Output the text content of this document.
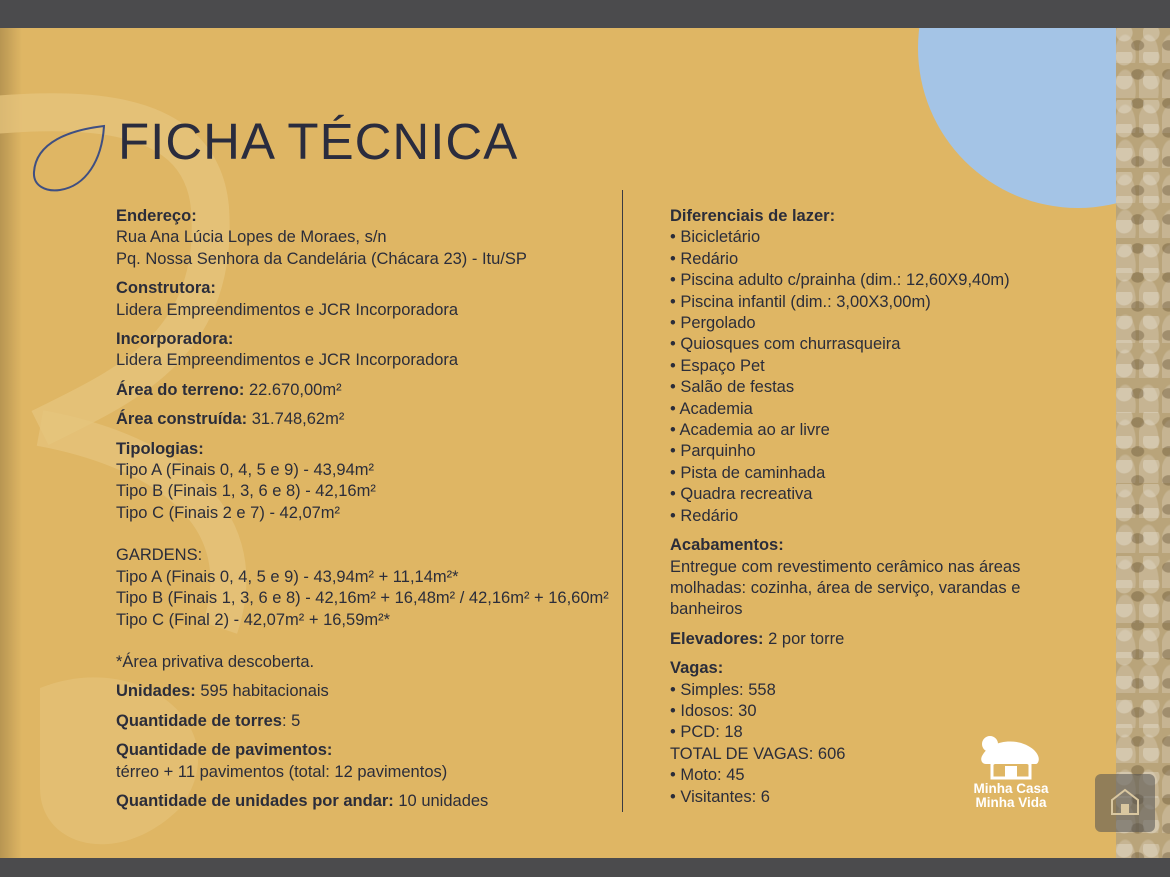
FICHA TÉCNICA
Endereço:
Rua Ana Lúcia Lopes de Moraes, s/n
Pq. Nossa Senhora da Candelária (Chácara 23) - Itu/SP
Construtora:
Lidera Empreendimentos e JCR Incorporadora
Incorporadora:
Lidera Empreendimentos e JCR Incorporadora
Área do terreno: 22.670,00m²
Área construída: 31.748,62m²
Tipologias:
Tipo A (Finais 0, 4, 5 e 9) - 43,94m²
Tipo B (Finais 1, 3, 6 e 8) - 42,16m²
Tipo C (Finais 2 e 7) - 42,07m²
GARDENS:
Tipo A (Finais 0, 4, 5 e 9) - 43,94m² + 11,14m²*
Tipo B (Finais 1, 3, 6 e 8) - 42,16m² + 16,48m² / 42,16m² + 16,60m²
Tipo C (Final 2) - 42,07m² + 16,59m²*
*Área privativa descoberta.
Unidades: 595 habitacionais
Quantidade de torres: 5
Quantidade de pavimentos:
térreo + 11 pavimentos (total: 12 pavimentos)
Quantidade de unidades por andar: 10 unidades
Diferenciais de lazer:
• Bicicletário
• Redário
• Piscina adulto c/prainha (dim.: 12,60X9,40m)
• Piscina infantil (dim.: 3,00X3,00m)
• Pergolado
• Quiosques com churrasqueira
• Espaço Pet
• Salão de festas
• Academia
• Academia ao ar livre
• Parquinho
• Pista de caminhada
• Quadra recreativa
• Redário
Acabamentos:
Entregue com revestimento cerâmico nas áreas molhadas: cozinha, área de serviço, varandas e banheiros
Elevadores: 2 por torre
Vagas:
• Simples: 558
• Idosos: 30
• PCD: 18
TOTAL DE VAGAS: 606
• Moto: 45
• Visitantes: 6	Minha Casa
Minha Vida
